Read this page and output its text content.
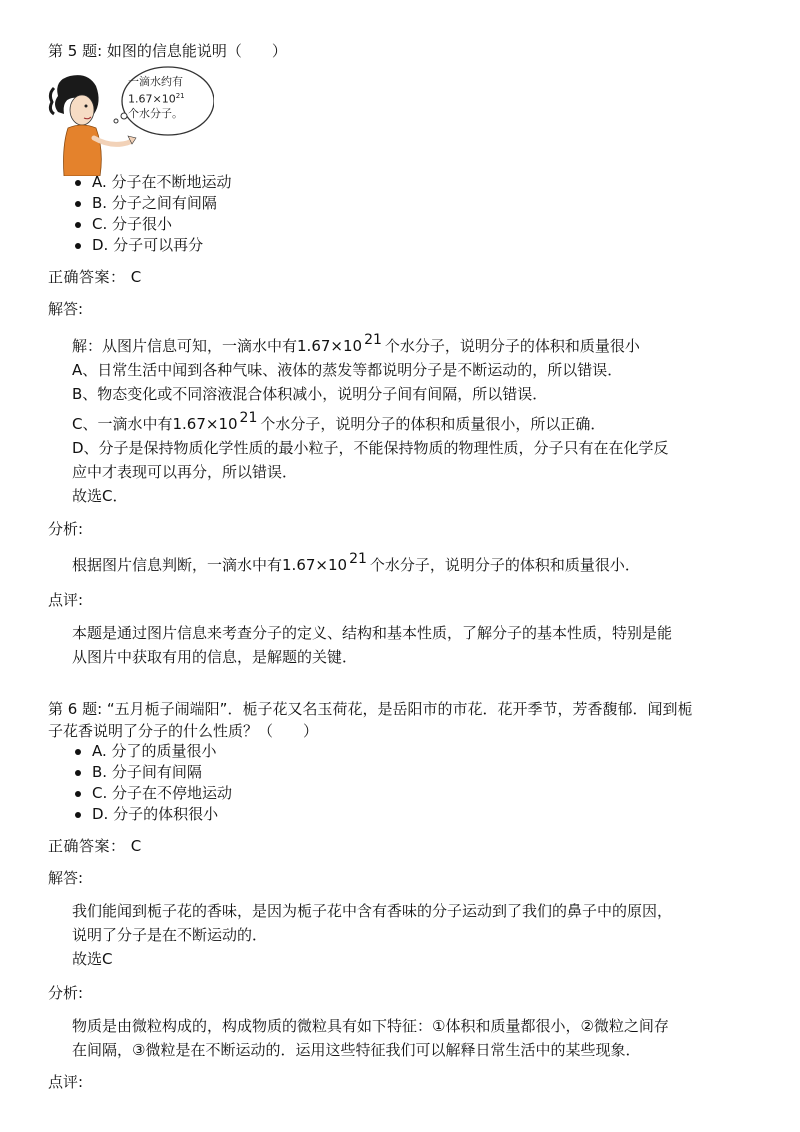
第 5 题: 如图的信息能说明（　　）
一滴水约有
$1.67\times 10^{21}$
个水分子。
A. 分子在不断地运动
B. 分子之间有间隔
C. 分子很小
D. 分子可以再分
正确答案： C
解答:
解：从图片信息可知，一滴水中有1.67×10 21 个水分子，说明分子的体积和质量很小
A、日常生活中闻到各种气味、液体的蒸发等都说明分子是不断运动的，所以错误．
B、物态变化或不同溶液混合体积减小，说明分子间有间隔，所以错误．
C、一滴水中有1.67×10 21 个水分子，说明分子的体积和质量很小，所以正确．
D、分子是保持物质化学性质的最小粒子，不能保持物质的物理性质，分子只有在在化学反
应中才表现可以再分，所以错误．
故选C．
分析:
根据图片信息判断，一滴水中有1.67×10 21 个水分子，说明分子的体积和质量很小．
点评:
本题是通过图片信息来考查分子的定义、结构和基本性质，了解分子的基本性质，特别是能
从图片中获取有用的信息，是解题的关键．
第 6 题: “五月栀子闹端阳”．栀子花又名玉荷花，是岳阳市的市花．花开季节，芳香馥郁．闻到栀
子花香说明了分子的什么性质？（　　）
A. 分了的质量很小
B. 分子间有间隔
C. 分子在不停地运动
D. 分子的体积很小
正确答案： C
解答:
我们能闻到栀子花的香味，是因为栀子花中含有香味的分子运动到了我们的鼻子中的原因，
说明了分子是在不断运动的．
故选C
分析:
物质是由微粒构成的，构成物质的微粒具有如下特征：①体积和质量都很小，②微粒之间存
在间隔，③微粒是在不断运动的．运用这些特征我们可以解释日常生活中的某些现象．
点评:
